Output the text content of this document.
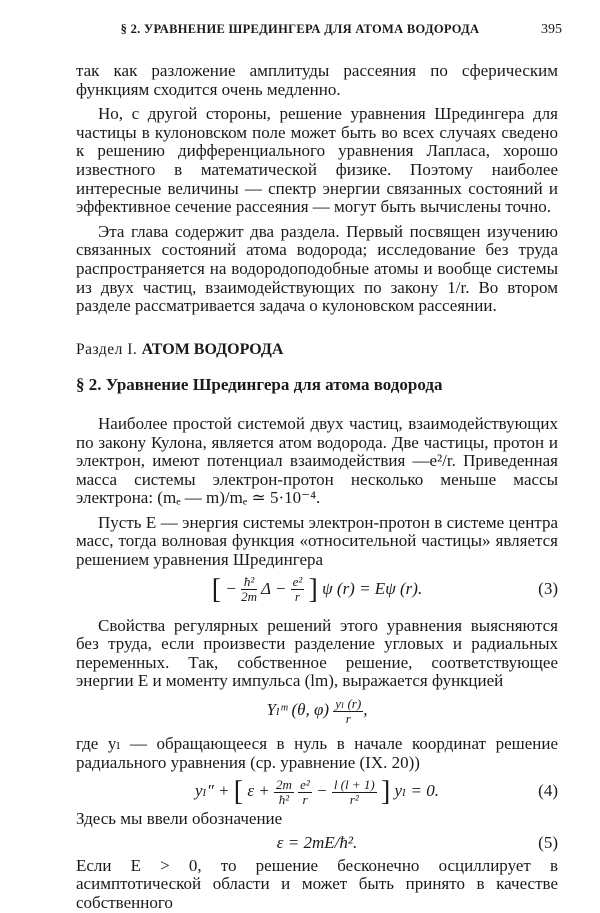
§ 2. УРАВНЕНИЕ ШРЕДИНГЕРА ДЛЯ АТОМА ВОДОРОДА	395

так как разложение амплитуды рассеяния по сферическим функциям сходится очень медленно.

Но, с другой стороны, решение уравнения Шредингера для частицы в кулоновском поле может быть во всех случаях сведено к решению дифференциального уравнения Лапласа, хорошо известного в математической физике. Поэтому наиболее интересные величины — спектр энергии связанных состояний и эффективное сечение рассеяния — могут быть вычислены точно.

Эта глава содержит два раздела. Первый посвящен изучению связанных состояний атома водорода; исследование без труда распространяется на водородоподобные атомы и вообще системы из двух частиц, взаимодействующих по закону 1/r. Во втором разделе рассматривается задача о кулоновском рассеянии.

Раздел I. АТОМ ВОДОРОДА
§ 2. Уравнение Шредингера для атома водорода

Наиболее простой системой двух частиц, взаимодействующих по закону Кулона, является атом водорода. Две частицы, протон и электрон, имеют потенциал взаимодействия —e²/r. Приведенная масса системы электрон-протон несколько меньше массы электрона: (mₑ — m)/mₑ ≃ 5·10⁻⁴.

Пусть E — энергия системы электрон-протон в системе центра масс, тогда волновая функция «относительной частицы» является решением уравнения Шредингера

[ − $\frac{\text{ħ²}}{2m}$ $\Delta - \frac{\text{e²}}{r}$ ] ψ (r) = Eψ (r).	(3)

Свойства регулярных решений этого уравнения выясняются без труда, если произвести разделение угловых и радиальных переменных. Так, собственное решение, соответствующее энергии E и моменту импульса (lm), выражается функцией

Yₗᵐ (θ, $\varphi) \frac{\text{yₗ (r)}}{r}$ ,

где yₗ — обращающееся в нуль в начале координат решение радиального уравнения (ср. уравнение (IX. 20))

yₗ″ + [ $\varepsilon + \frac{2m}{\text{ħ²}}$
$\frac{\text{e²}}{r} - \frac{l (l + 1)}{\text{r²}}$ ] yₗ = 0.	(4)

Здесь мы ввели обозначение

ε = 2mE/ħ².	(5)

Если E > 0, то решение бесконечно осциллирует в асимптотической области и может быть принято в качестве собственного
